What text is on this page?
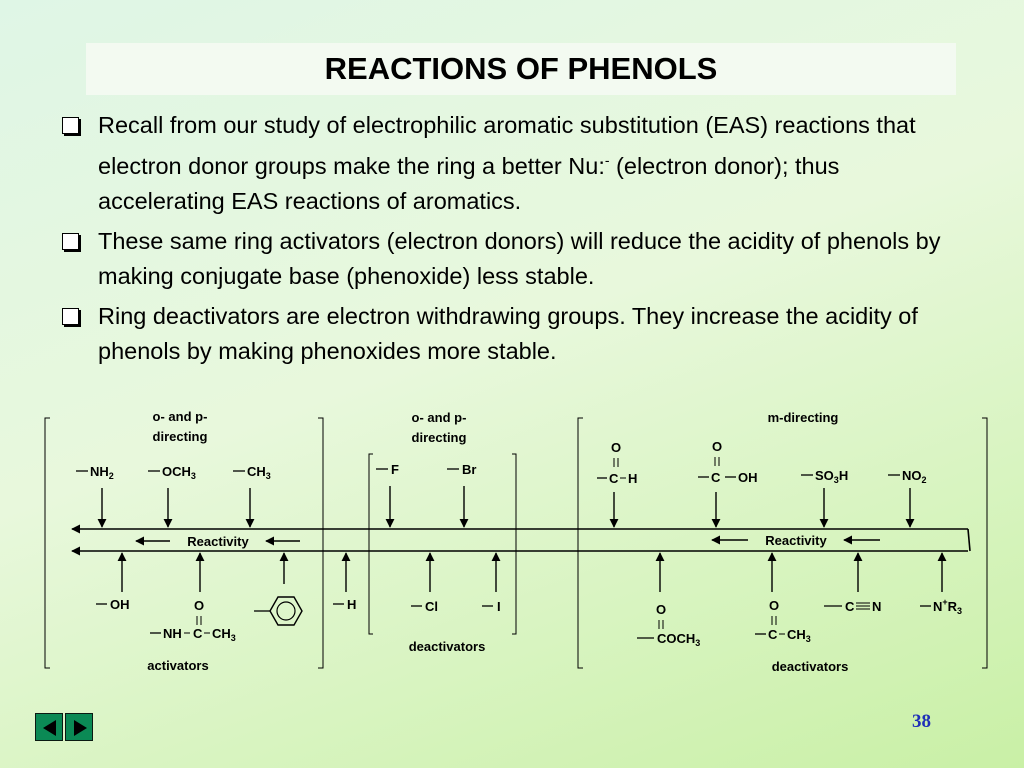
REACTIONS OF PHENOLS
Recall from our study of electrophilic aromatic substitution (EAS) reactions that electron donor groups make the ring a better Nu:- (electron donor); thus accelerating EAS reactions of aromatics.
These same ring activators (electron donors) will reduce the acidity of phenols by making conjugate base (phenoxide) less stable.
Ring deactivators are electron withdrawing groups. They increase the acidity of phenols by making phenoxides more stable.
o- and p-
directing
o- and p-
directing
m-directing
Reactivity	Reactivity
$NH_2$	$OCH_3$	$CH_3$	F	Br
O
C H
O
C OH	$SO_3H$	$NO_2$
OH	O
NH C $CH_3$
H	Cl	I	O
$COCH_3$
O
C $CH_3$
C N	$N^+R_3$
activators
deactivators
deactivators
38
